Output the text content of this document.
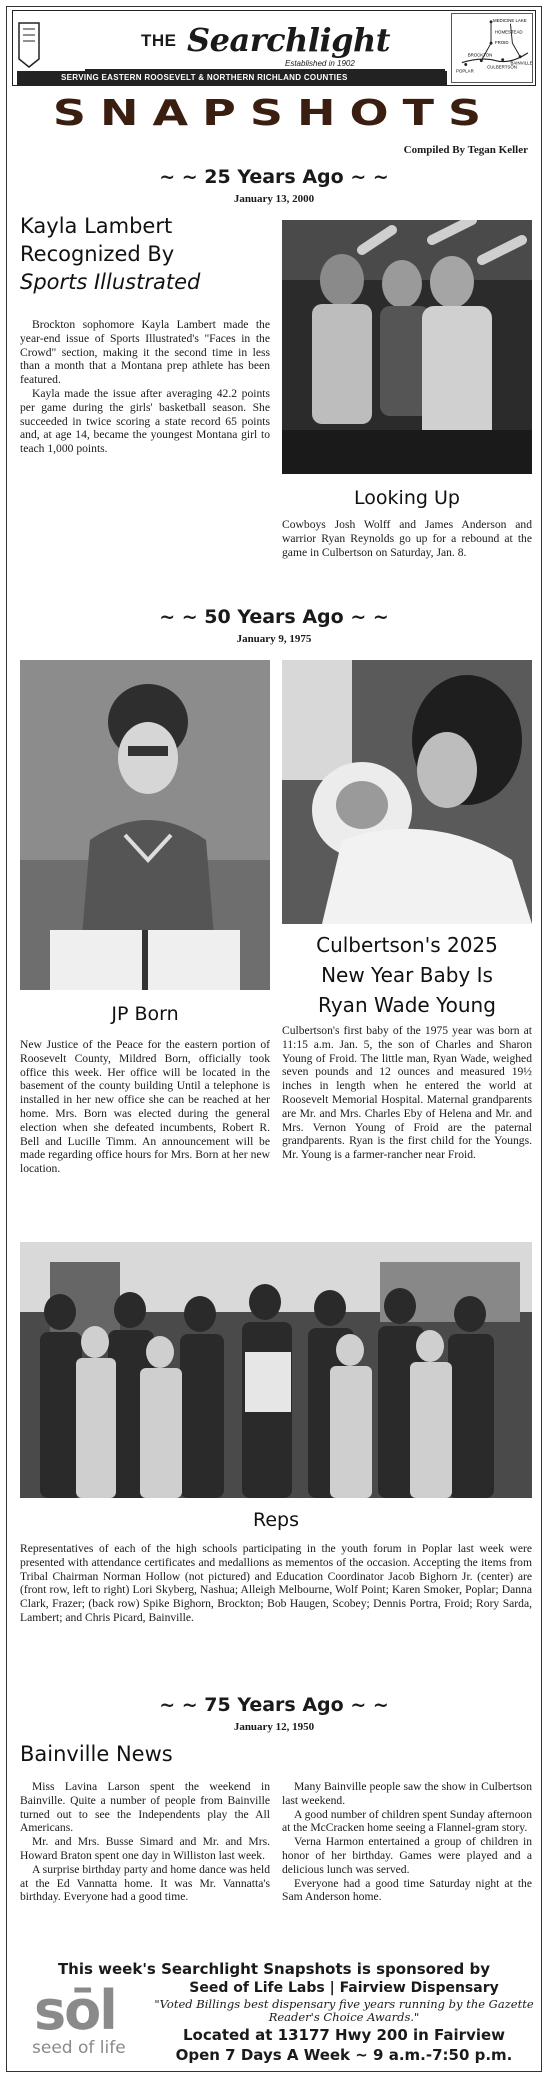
THE Searchlight
Established in 1902
SERVING EASTERN ROOSEVELT & NORTHERN RICHLAND COUNTIES
MEDICINE LAKE
HOMESTEAD
FROID
BROCKTON
CULBERTSON
BAINVILLE
POPLAR
SNAPSHOTS
Compiled By Tegan Keller
~ ~ 25 Years Ago ~ ~
January 13, 2000
Kayla Lambert
Recognized By
Sports Illustrated

Brockton sophomore Kayla Lambert made the year-end issue of Sports Illustrated's "Faces in the Crowd" section, making it the second time in less than a month that a Montana prep athlete has been featured.

Kayla made the issue after averaging 42.2 points per game during the girls' basketball season. She succeeded in twice scoring a state record 65 points and, at age 14, became the youngest Montana girl to teach 1,000 points.

Looking Up
Cowboys Josh Wolff and James Anderson and warrior Ryan Reynolds go up for a rebound at the game in Culbertson on Saturday, Jan. 8.
~ ~ 50 Years Ago ~ ~
January 9, 1975
JP Born
New Justice of the Peace for the eastern portion of Roosevelt County, Mildred Born, officially took office this week. Her office will be located in the basement of the county building Until a telephone is installed in her new office she can be reached at her home. Mrs. Born was elected during the general election when she defeated incumbents, Robert R. Bell and Lucille Timm. An announcement will be made regarding office hours for Mrs. Born at her new location.
Culbertson's 2025
New Year Baby Is
Ryan Wade Young
Culbertson's first baby of the 1975 year was born at 11:15 a.m. Jan. 5, the son of Charles and Sharon Young of Froid. The little man, Ryan Wade, weighed seven pounds and 12 ounces and measured 19½ inches in length when he entered the world at Roosevelt Memorial Hospital. Maternal grandparents are Mr. and Mrs. Charles Eby of Helena and Mr. and Mrs. Vernon Young of Froid are the paternal grandparents. Ryan is the first child for the Youngs. Mr. Young is a farmer-rancher near Froid.
Reps
Representatives of each of the high schools participating in the youth forum in Poplar last week were presented with attendance certificates and medallions as mementos of the occasion. Accepting the items from Tribal Chairman Norman Hollow (not pictured) and Education Coordinator Jacob Bighorn Jr. (center) are (front row, left to right) Lori Skyberg, Nashua; Alleigh Melbourne, Wolf Point; Karen Smoker, Poplar; Danna Clark, Frazer; (back row) Spike Bighorn, Brockton; Bob Haugen, Scobey; Dennis Portra, Froid; Rory Sarda, Lambert; and Chris Picard, Bainville.
~ ~ 75 Years Ago ~ ~
January 12, 1950
Bainville News

Miss Lavina Larson spent the weekend in Bainville. Quite a number of people from Bainville turned out to see the Independents play the All Americans.

Mr. and Mrs. Busse Simard and Mr. and Mrs. Howard Braton spent one day in Williston last week.

A surprise birthday party and home dance was held at the Ed Vannatta home. It was Mr. Vannatta's birthday. Everyone had a good time.

Many Bainville people saw the show in Culbertson last weekend.

A good number of children spent Sunday afternoon at the McCracken home seeing a Flannel-gram story.

Verna Harmon entertained a group of children in honor of her birthday. Games were played and a delicious lunch was served.

Everyone had a good time Saturday night at the Sam Anderson home.

This week's Searchlight Snapshots is sponsored by
sōl
seed of life
Seed of Life Labs | Fairview Dispensary
"Voted Billings best dispensary five years running by the Gazette Reader's Choice Awards."
Located at 13177 Hwy 200 in Fairview
Open 7 Days A Week ~ 9 a.m.-7:50 p.m.
